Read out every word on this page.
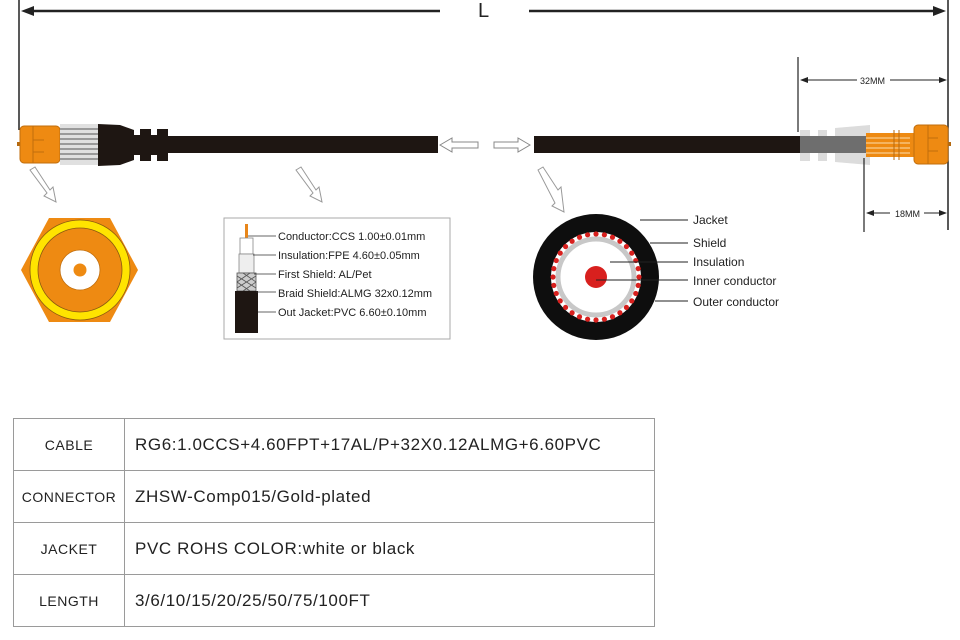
L
32MM
18MM
Conductor:CCS 1.00±0.01mm
Insulation:FPE 4.60±0.05mm
First Shield: AL/Pet
Braid Shield:ALMG 32x0.12mm
Out Jacket:PVC 6.60±0.10mm
Jacket
Shield
Insulation
Inner conductor
Outer conductor
CABLE	RG6:1.0CCS+4.60FPT+17AL/P+32X0.12ALMG+6.60PVC
CONNECTOR	ZHSW-Comp015/Gold-plated
JACKET	PVC ROHS COLOR:white or black
LENGTH	3/6/10/15/20/25/50/75/100FT
